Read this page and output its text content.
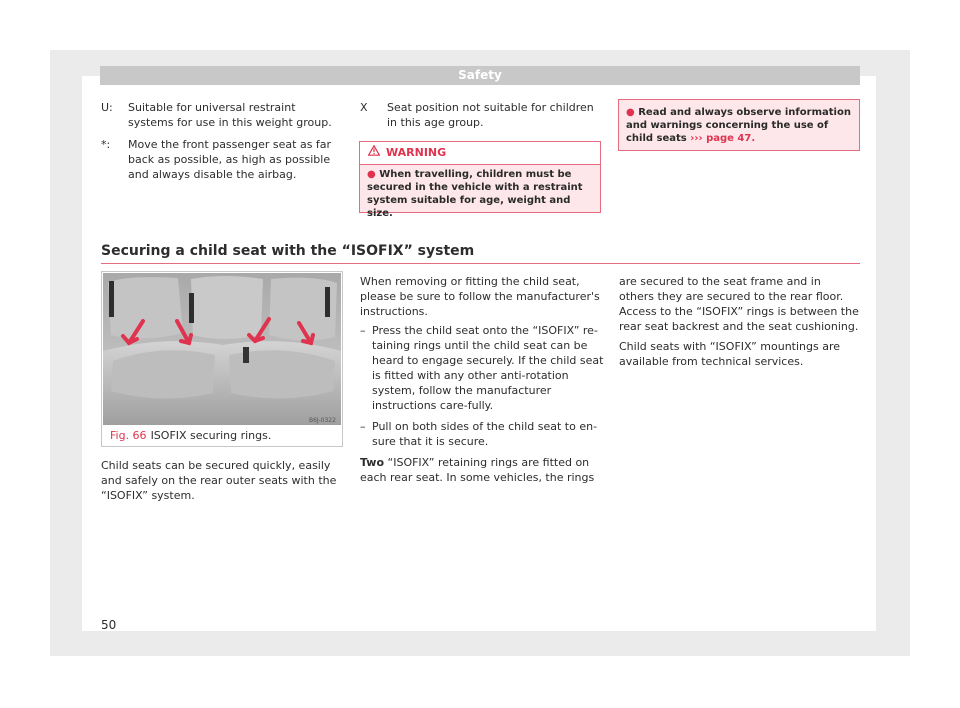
Safety
U: Suitable for universal restraint systems for use in this weight group.
*: Move the front passenger seat as far back as possible, as high as possible and always disable the airbag.
X Seat position not suitable for children in this age group.
WARNING
● When travelling, children must be secured in the vehicle with a restraint system suitable for age, weight and size.
● Read and always observe information and warnings concerning the use of child seats ››› page 47.
Securing a child seat with the “ISOFIX” system
B6J-0322
Fig. 66 ISOFIX securing rings.
Child seats can be secured quickly, easily and safely on the rear outer seats with the “ISOFIX” system.
When removing or fitting the child seat, please be sure to follow the manufacturer's instructions.
– Press the child seat onto the “ISOFIX” re-taining rings until the child seat can be heard to engage securely. If the child seat is fitted with any other anti-rotation system, follow the manufacturer instructions care-fully.
– Pull on both sides of the child seat to en-sure that it is secure.
Two “ISOFIX” retaining rings are fitted on each rear seat. In some vehicles, the rings
are secured to the seat frame and in others they are secured to the rear floor. Access to the “ISOFIX” rings is between the rear seat backrest and the seat cushioning.
Child seats with “ISOFIX” mountings are available from technical services.
50
